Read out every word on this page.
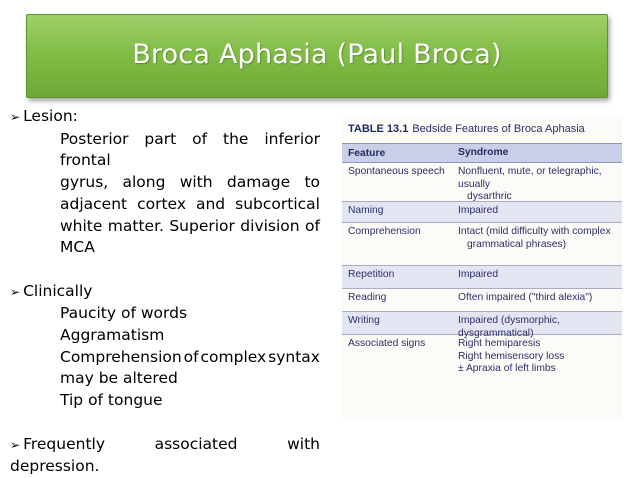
Broca Aphasia (Paul Broca)
➢ Lesion:
Posterior part of the inferior frontal
gyrus, along with damage to
adjacent cortex and subcortical
white matter. Superior division of
MCA
➢ Clinically
Paucity of words
Aggramatism
Comprehension of complex syntax
may be altered
Tip of tongue
➢ Frequently	associated	with
depression.
TABLE 13.1 Bedside Features of Broca Aphasia
Feature	Syndrome
Spontaneous speech	Nonfluent, mute, or telegraphic, usually
dysarthric
Naming	Impaired
Comprehension	Intact (mild difficulty with complex
grammatical phrases)
Repetition	Impaired
Reading	Often impaired ("third alexia")
Writing	Impaired (dysmorphic, dysgrammatical)
Associated signs	Right hemiparesis
Right hemisensory loss
± Apraxia of left limbs
